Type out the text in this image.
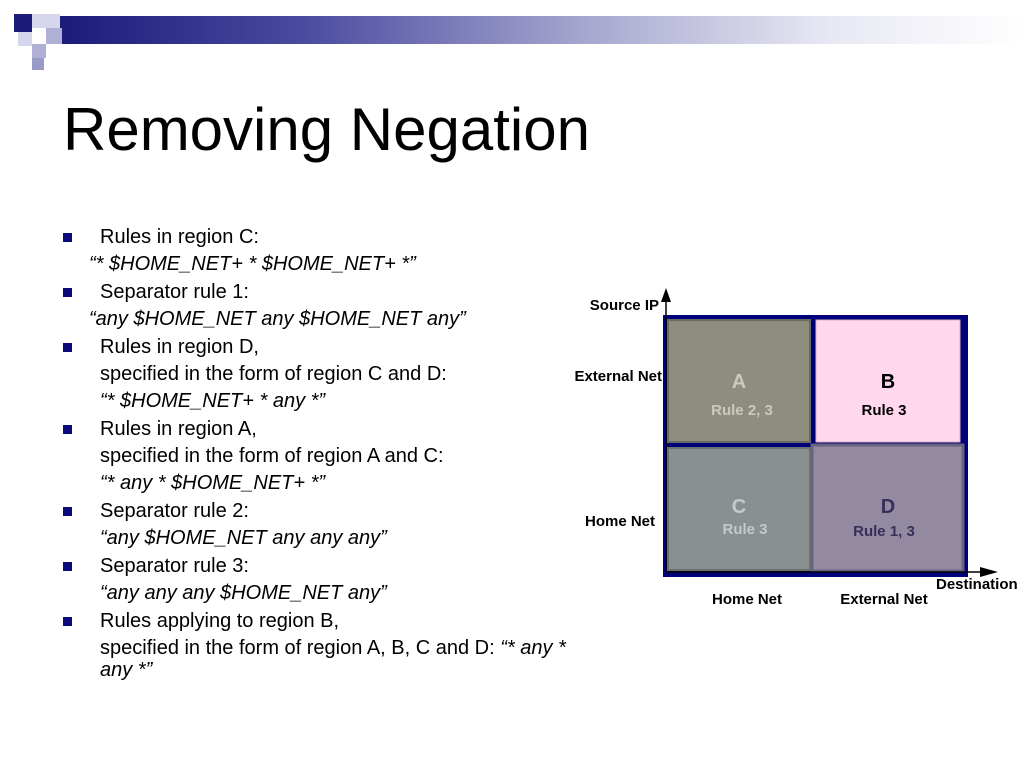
Removing Negation
Rules in region C:
“* $HOME_NET+ * $HOME_NET+ *”
Separator rule 1:
“any $HOME_NET any $HOME_NET any”
Rules in region D,
specified in the form of region C and D:
“* $HOME_NET+ * any *”
Rules in region A,
specified in the form of region A and C:
“* any * $HOME_NET+ *”
Separator rule 2:
“any $HOME_NET any any any”
Separator rule 3:
“any any any $HOME_NET any”
Rules applying to region B,
specified in the form of region A, B, C and D: “* any *
any *”
A
Rule 2, 3
B
Rule 3
C
Rule 3
D
Rule 1, 3
Source IP
Destination
External Net
Home Net
Home Net	External Net
